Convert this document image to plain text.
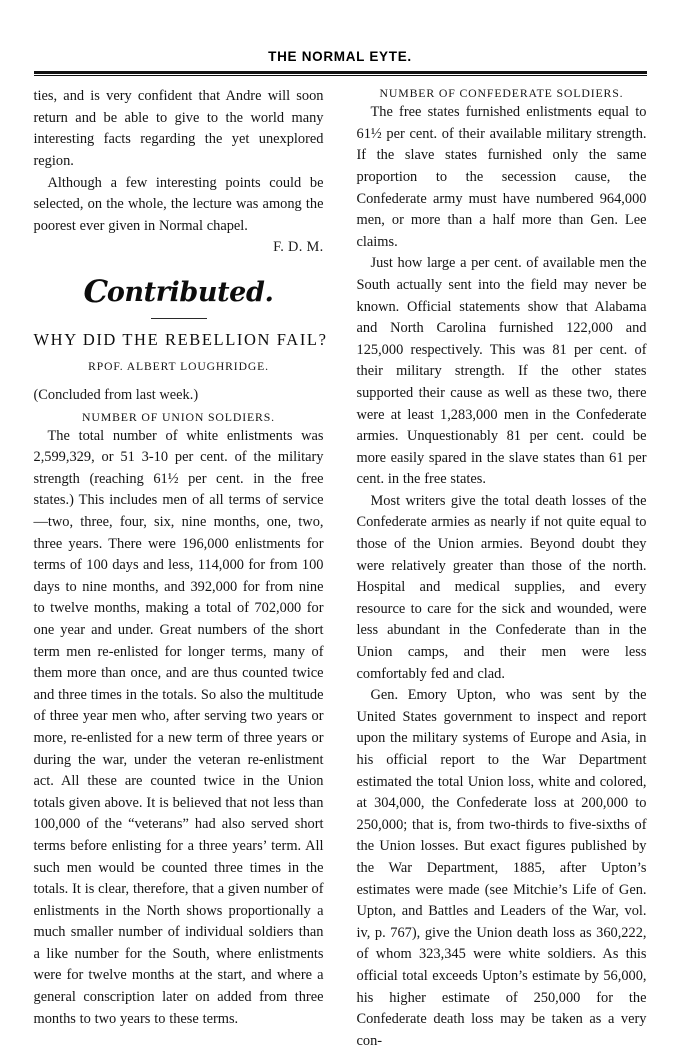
THE NORMAL EYTE.

ties, and is very confident that Andre will soon return and be able to give to the world many interesting facts regarding the yet unexplored region.

Although a few interesting points could be selected, on the whole, the lecture was among the poorest ever given in Normal chapel.

F. D. M.

Contributed.
WHY DID THE REBELLION FAIL?
RPOF. ALBERT LOUGHRIDGE.
(Concluded from last week.)
NUMBER OF UNION SOLDIERS.

The total number of white enlistments was 2,599,329, or 51 3-10 per cent. of the military strength (reaching 61½ per cent. in the free states.) This includes men of all terms of service—two, three, four, six, nine months, one, two, three years. There were 196,000 enlistments for terms of 100 days and less, 114,000 for from 100 days to nine months, and 392,000 for from nine to twelve months, making a total of 702,000 for one year and under. Great numbers of the short term men re-enlisted for longer terms, many of them more than once, and are thus counted twice and three times in the totals. So also the multitude of three year men who, after serving two years or more, re-enlisted for a new term of three years or during the war, under the veteran re-enlistment act. All these are counted twice in the Union totals given above. It is believed that not less than 100,000 of the “veterans” had also served short terms before enlisting for a three years’ term. All such men would be counted three times in the totals. It is clear, therefore, that a given number of enlistments in the North shows proportionally a much smaller number of individual soldiers than a like number for the South, where enlistments were for twelve months at the start, and where a general conscription later on added from three months to two years to these terms.

NUMBER OF CONFEDERATE SOLDIERS.

The free states furnished enlistments equal to 61½ per cent. of their available military strength. If the slave states furnished only the same proportion to the secession cause, the Confederate army must have numbered 964,000 men, or more than a half more than Gen. Lee claims.

Just how large a per cent. of available men the South actually sent into the field may never be known. Official statements show that Alabama and North Carolina furnished 122,000 and 125,000 respectively. This was 81 per cent. of their military strength. If the other states supported their cause as well as these two, there were at least 1,283,000 men in the Confederate armies. Unquestionably 81 per cent. could be more easily spared in the slave states than 61 per cent. in the free states.

Most writers give the total death losses of the Confederate armies as nearly if not quite equal to those of the Union armies. Beyond doubt they were relatively greater than those of the north. Hospital and medical supplies, and every resource to care for the sick and wounded, were less abundant in the Confederate than in the Union camps, and their men were less comfortably fed and clad.

Gen. Emory Upton, who was sent by the United States government to inspect and report upon the military systems of Europe and Asia, in his official report to the War Department estimated the total Union loss, white and colored, at 304,000, the Confederate loss at 200,000 to 250,000; that is, from two-thirds to five-sixths of the Union losses. But exact figures published by the War Department, 1885, after Upton’s estimates were made (see Mitchie’s Life of Gen. Upton, and Battles and Leaders of the War, vol. iv, p. 767), give the Union death loss as 360,222, of whom 323,345 were white soldiers. As this official total exceeds Upton’s estimate by 56,000, his higher estimate of 250,000 for the Confederate death loss may be taken as a very con-
